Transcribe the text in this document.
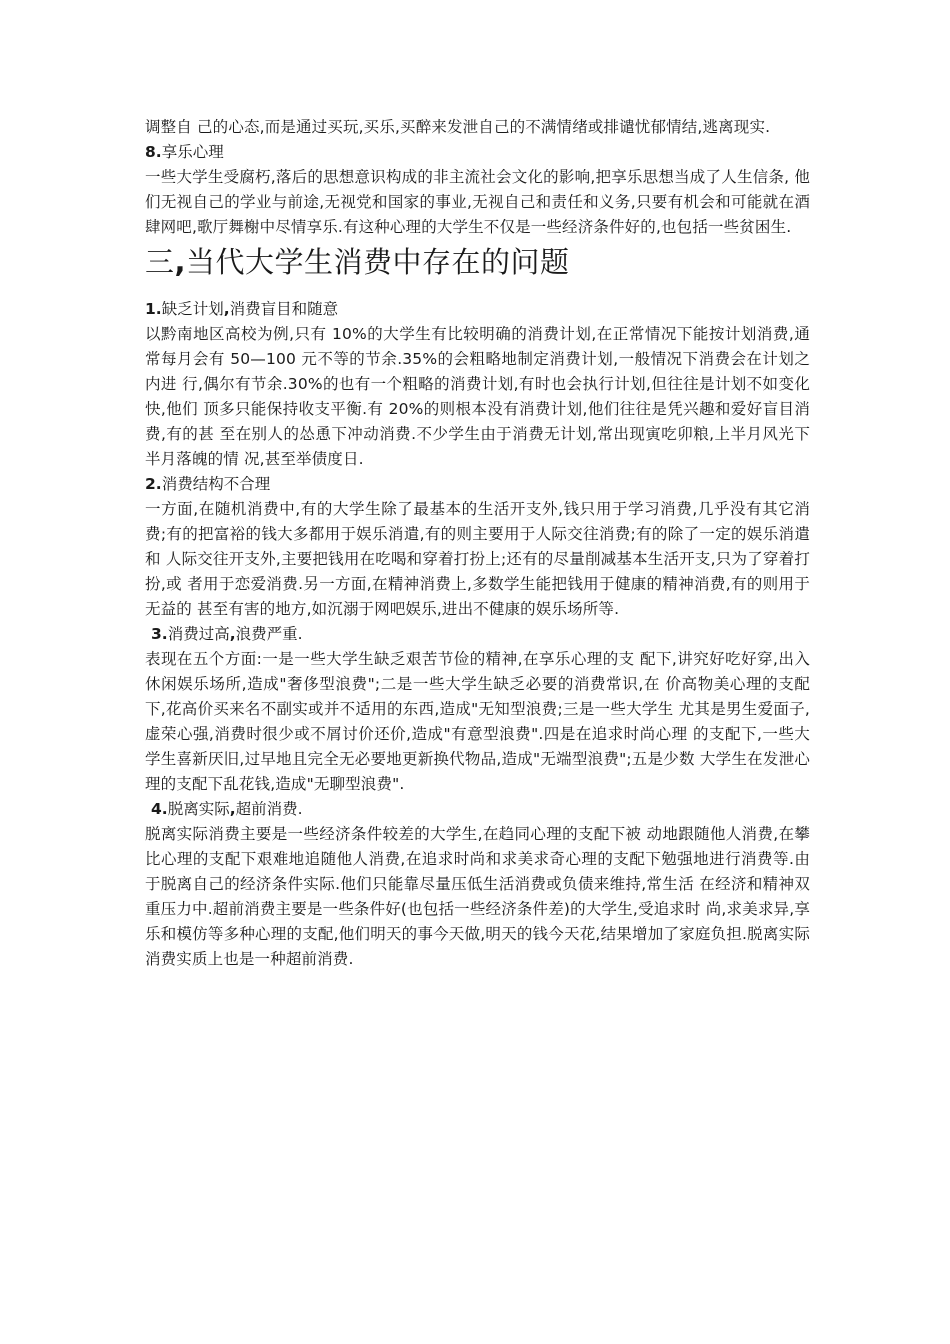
调整自 己的心态,而是通过买玩,买乐,买醉来发泄自己的不满情绪或排谴忧郁情结,逃离现实.

8.享乐心理

一些大学生受腐朽,落后的思想意识构成的非主流社会文化的影响,把享乐思想当成了人生信条, 他们无视自己的学业与前途,无视党和国家的事业,无视自己和责任和义务,只要有机会和可能就在酒 肆网吧,歌厅舞榭中尽情享乐.有这种心理的大学生不仅是一些经济条件好的,也包括一些贫困生.

三,当代大学生消费中存在的问题

1.缺乏计划,消费盲目和随意

以黔南地区高校为例,只有 10%的大学生有比较明确的消费计划,在正常情况下能按计划消费,通 常每月会有 50—100 元不等的节余.35%的会粗略地制定消费计划,一般情况下消费会在计划之内进 行,偶尔有节余.30%的也有一个粗略的消费计划,有时也会执行计划,但往往是计划不如变化快,他们 顶多只能保持收支平衡.有 20%的则根本没有消费计划,他们往往是凭兴趣和爱好盲目消费,有的甚 至在别人的怂恿下冲动消费.不少学生由于消费无计划,常出现寅吃卯粮,上半月风光下半月落魄的情 况,甚至举债度日.

2.消费结构不合理

一方面,在随机消费中,有的大学生除了最基本的生活开支外,钱只用于学习消费,几乎没有其它消 费;有的把富裕的钱大多都用于娱乐消遣,有的则主要用于人际交往消费;有的除了一定的娱乐消遣和 人际交往开支外,主要把钱用在吃喝和穿着打扮上;还有的尽量削减基本生活开支,只为了穿着打扮,或 者用于恋爱消费.另一方面,在精神消费上,多数学生能把钱用于健康的精神消费,有的则用于无益的 甚至有害的地方,如沉溺于网吧娱乐,进出不健康的娱乐场所等.

3.消费过高,浪费严重.

表现在五个方面:一是一些大学生缺乏艰苦节俭的精神,在享乐心理的支 配下,讲究好吃好穿,出入休闲娱乐场所,造成"奢侈型浪费";二是一些大学生缺乏必要的消费常识,在 价高物美心理的支配下,花高价买来名不副实或并不适用的东西,造成"无知型浪费;三是一些大学生 尤其是男生爱面子,虚荣心强,消费时很少或不屑讨价还价,造成"有意型浪费".四是在追求时尚心理 的支配下,一些大学生喜新厌旧,过早地且完全无必要地更新换代物品,造成"无端型浪费";五是少数 大学生在发泄心理的支配下乱花钱,造成"无聊型浪费".

4.脱离实际,超前消费.

脱离实际消费主要是一些经济条件较差的大学生,在趋同心理的支配下被 动地跟随他人消费,在攀比心理的支配下艰难地追随他人消费,在追求时尚和求美求奇心理的支配下勉强地进行消费等.由于脱离自己的经济条件实际.他们只能靠尽量压低生活消费或负债来维持,常生活 在经济和精神双重压力中.超前消费主要是一些条件好(也包括一些经济条件差)的大学生,受追求时 尚,求美求异,享乐和模仿等多种心理的支配,他们明天的事今天做,明天的钱今天花,结果增加了家庭负担.脱离实际消费实质上也是一种超前消费.
